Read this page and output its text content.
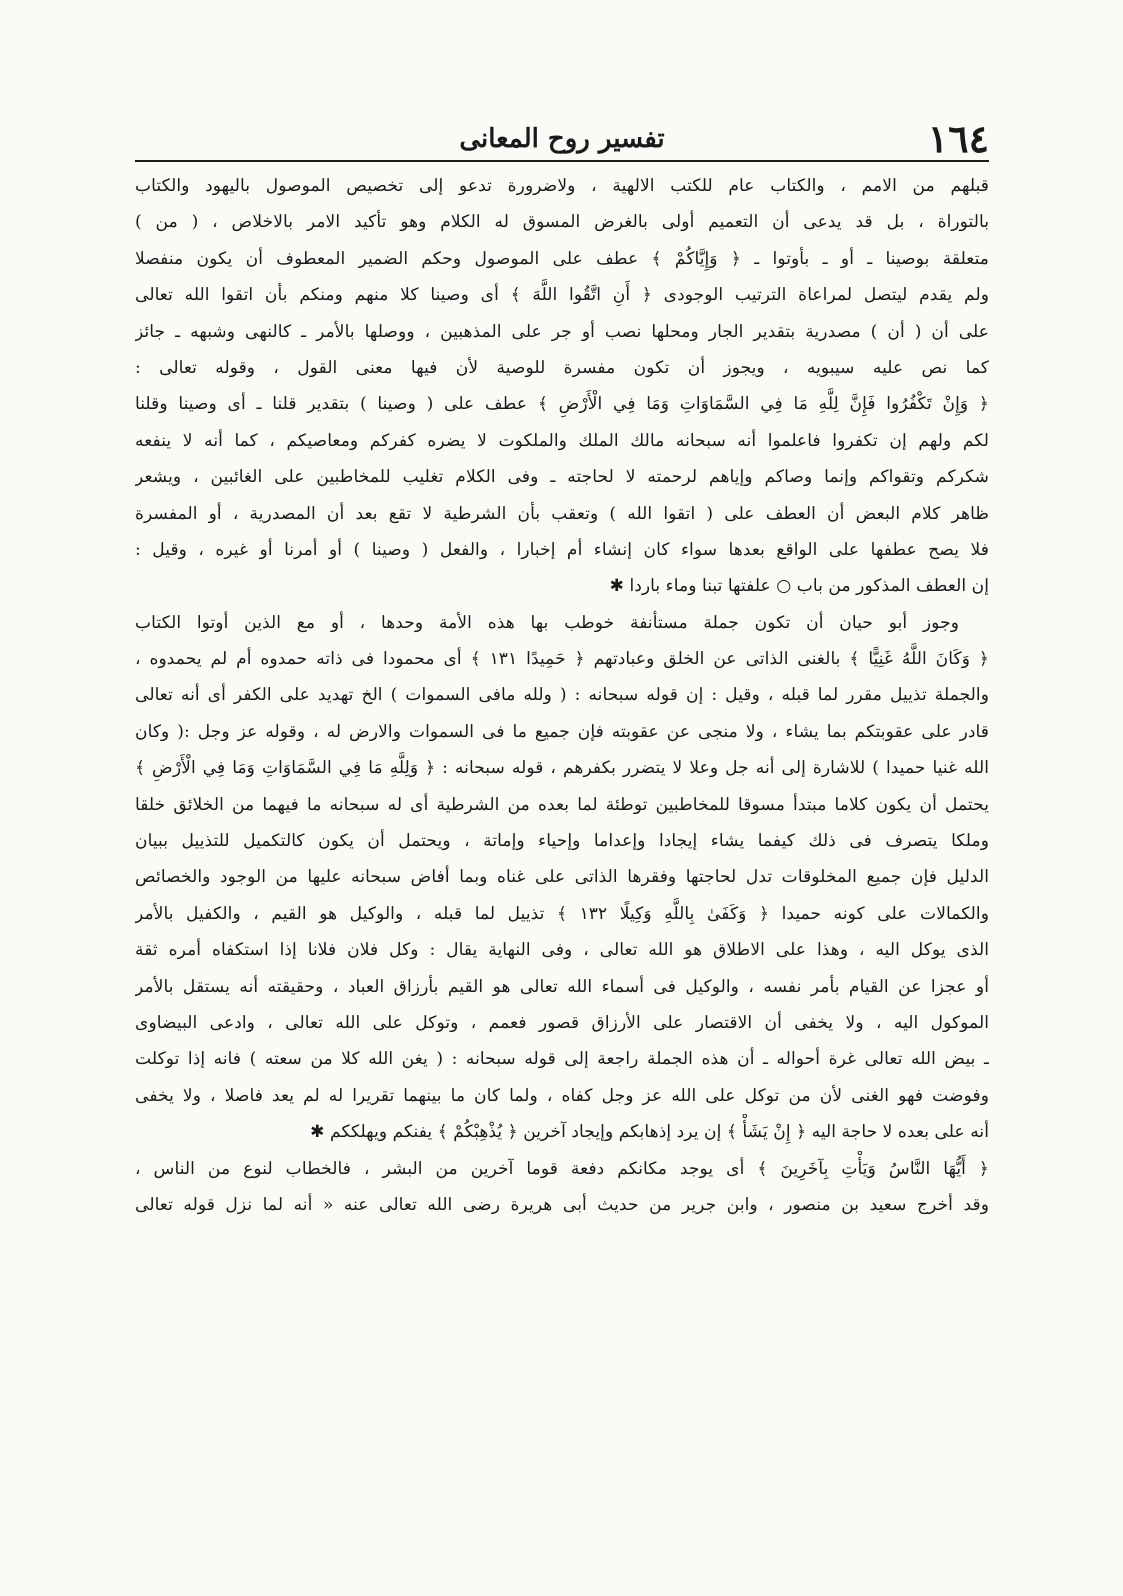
١٦٤
تفسير روح المعانى
قبلهم من الامم ، والكتاب عام للكتب الالهية ، ولاضرورة تدعو إلى تخصيص الموصول باليهود والكتاب
بالتوراة ، بل قد يدعى أن التعميم أولى بالغرض المسوق له الكلام وهو تأكيد الامر بالاخلاص ، ( من )
متعلقة بوصينا ـ أو ـ بأوتوا ـ ﴿ وَإِيَّاكُمْ ﴾ عطف على الموصول وحكم الضمير المعطوف أن يكون منفصلا
ولم يقدم ليتصل لمراعاة الترتيب الوجودى ﴿ أَنِ اتَّقُوا اللَّهَ ﴾ أى وصينا كلا منهم ومنكم بأن اتقوا الله تعالى
على أن ( أن ) مصدرية بتقدير الجار ومحلها نصب أو جر على المذهبين ، ووصلها بالأمر ـ كالنهى وشبهه ـ جائز
كما نص عليه سيبويه ، ويجوز أن تكون مفسرة للوصية لأن فيها معنى القول ، وقوله تعالى :
﴿ وَإِنْ تَكْفُرُوا فَإِنَّ لِلَّهِ مَا فِي السَّمَاوَاتِ وَمَا فِي الْأَرْضِ ﴾ عطف على ( وصينا ) بتقدير قلنا ـ أى وصينا وقلنا
لكم ولهم إن تكفروا فاعلموا أنه سبحانه مالك الملك والملكوت لا يضره كفركم ومعاصيكم ، كما أنه لا ينفعه
شكركم وتقواكم وإنما وصاكم وإياهم لرحمته لا لحاجته ـ وفى الكلام تغليب للمخاطبين على الغائبين ، ويشعر
ظاهر كلام البعض أن العطف على ( اتقوا الله ) وتعقب بأن الشرطية لا تقع بعد أن المصدرية ، أو المفسرة
فلا يصح عطفها على الواقع بعدها سواء كان إنشاء أم إخبارا ، والفعل ( وصينا ) أو أمرنا أو غيره ، وقيل :
إن العطف المذكور من باب ○ علفتها تبنا وماء باردا ✱
وجوز أبو حيان أن تكون جملة مستأنفة خوطب بها هذه الأمة وحدها ، أو مع الذين أوتوا الكتاب
﴿ وَكَانَ اللَّهُ غَنِيًّا ﴾ بالغنى الذاتى عن الخلق وعبادتهم ﴿ حَمِيدًا ١٣١ ﴾ أى محمودا فى ذاته حمدوه أم لم يحمدوه ،
والجملة تذييل مقرر لما قبله ، وقيل : إن قوله سبحانه : ( ولله مافى السموات ) الخ تهديد على الكفر أى أنه تعالى
قادر على عقوبتكم بما يشاء ، ولا منجى عن عقوبته فإن جميع ما فى السموات والارض له ، وقوله عز وجل :( وكان
الله غنيا حميدا ) للاشارة إلى أنه جل وعلا لا يتضرر بكفرهم ، قوله سبحانه : ﴿ وَلِلَّهِ مَا فِي السَّمَاوَاتِ وَمَا فِي الْأَرْضِ ﴾
يحتمل أن يكون كلاما مبتدأ مسوقا للمخاطبين توطئة لما بعده من الشرطية أى له سبحانه ما فيهما من الخلائق خلقا
وملكا يتصرف فى ذلك كيفما يشاء إيجادا وإعداما وإحياء وإماتة ، ويحتمل أن يكون كالتكميل للتذييل ببيان
الدليل فإن جميع المخلوقات تدل لحاجتها وفقرها الذاتى على غناه وبما أفاض سبحانه عليها من الوجود والخصائص
والكمالات على كونه حميدا ﴿ وَكَفَىٰ بِاللَّهِ وَكِيلًا ١٣٢ ﴾ تذييل لما قبله ، والوكيل هو القيم ، والكفيل بالأمر
الذى يوكل اليه ، وهذا على الاطلاق هو الله تعالى ، وفى النهاية يقال : وكل فلان فلانا إذا استكفاه أمره ثقة
أو عجزا عن القيام بأمر نفسه ، والوكيل فى أسماء الله تعالى هو القيم بأرزاق العباد ، وحقيقته أنه يستقل بالأمر
الموكول اليه ، ولا يخفى أن الاقتصار على الأرزاق قصور فعمم ، وتوكل على الله تعالى ، وادعى البيضاوى
ـ بيض الله تعالى غرة أحواله ـ أن هذه الجملة راجعة إلى قوله سبحانه : ( يغن الله كلا من سعته ) فانه إذا توكلت
وفوضت فهو الغنى لأن من توكل على الله عز وجل كفاه ، ولما كان ما بينهما تقريرا له لم يعد فاصلا ، ولا يخفى
أنه على بعده لا حاجة اليه ﴿ إِنْ يَشَأْ ﴾ إن يرد إذهابكم وإيجاد آخرين ﴿ يُذْهِبْكُمْ ﴾ يفنكم ويهلككم ✱
﴿ أَيُّهَا النَّاسُ وَيَأْتِ بِآخَرِينَ ﴾ أى يوجد مكانكم دفعة قوما آخرين من البشر ، فالخطاب لنوع من الناس ،
وقد أخرج سعيد بن منصور ، وابن جرير من حديث أبى هريرة رضى الله تعالى عنه « أنه لما نزل قوله تعالى
